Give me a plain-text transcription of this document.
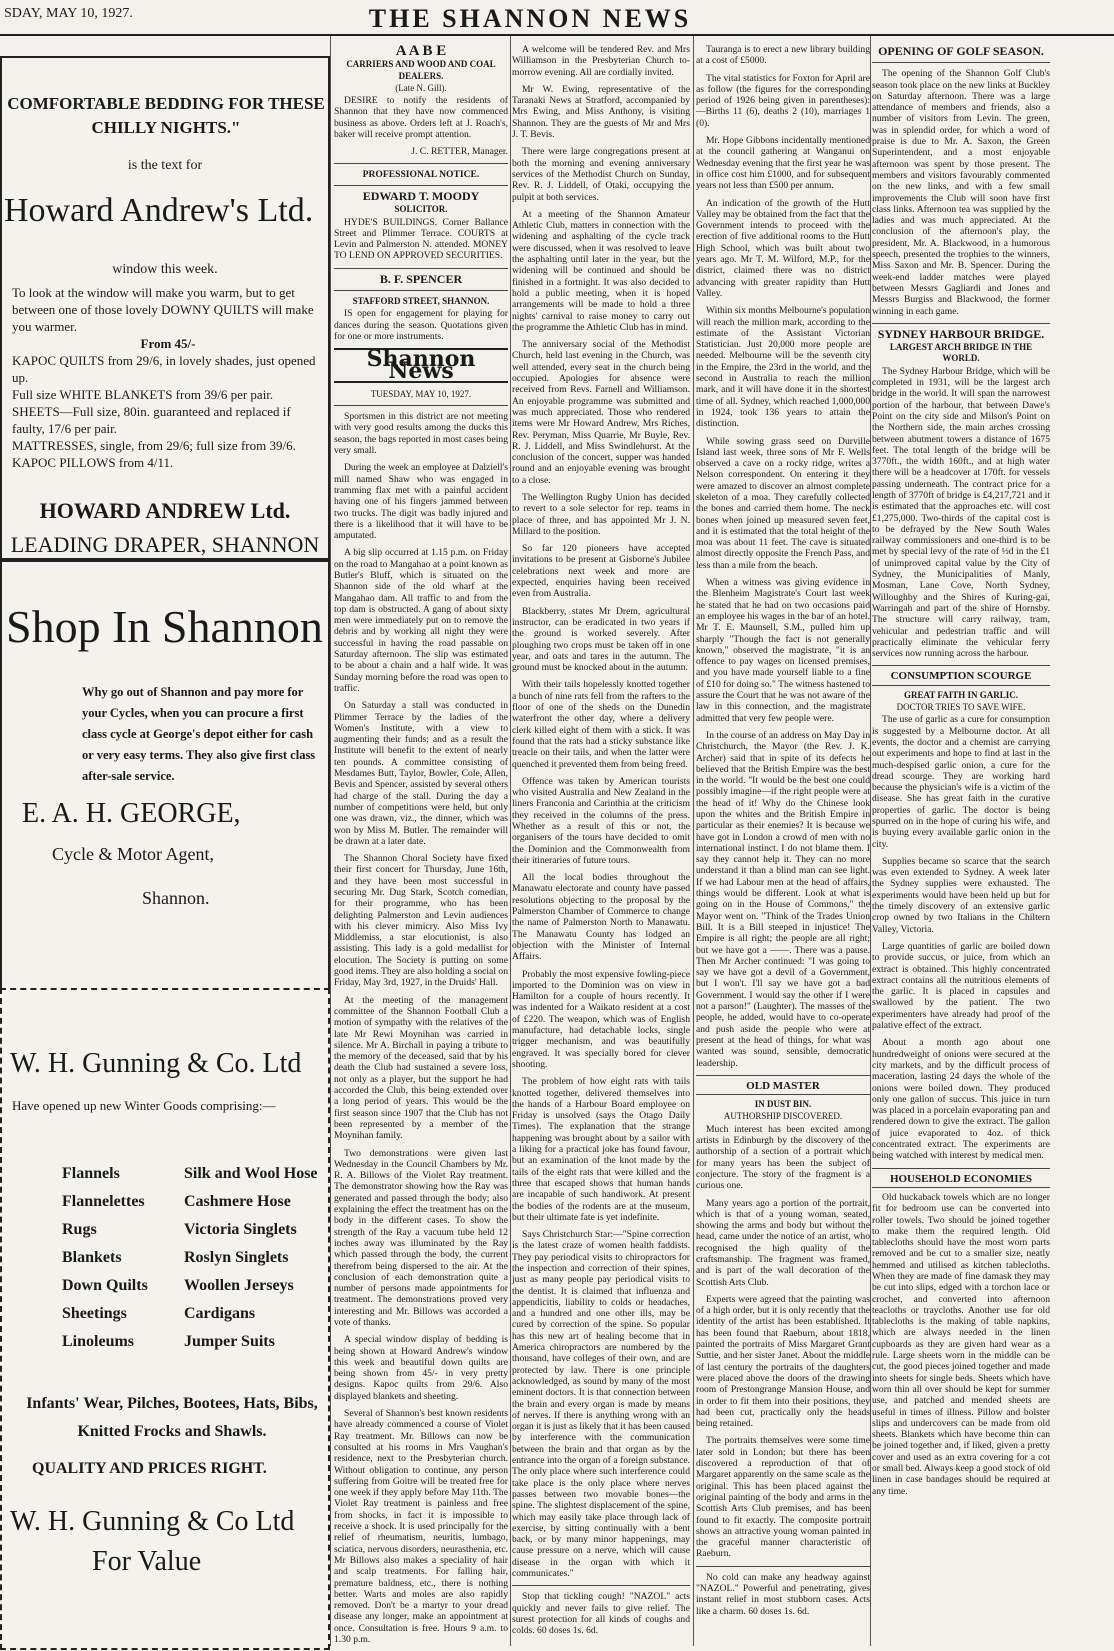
SDAY, MAY 10, 1927.	THE SHANNON NEWS
COMFORTABLE BEDDING FOR THESE CHILLY NIGHTS."
is the text for
Howard Andrew's Ltd.
window this week.
To look at the window will make you warm, but to get between one of those lovely DOWNY QUILTS will make you warmer.
From 45/-
KAPOC QUILTS from 29/6, in lovely shades, just opened up.
Full size WHITE BLANKETS from 39/6 per pair.
SHEETS—Full size, 80in. guaranteed and replaced if faulty, 17/6 per pair.
MATTRESSES, single, from 29/6; full size from 39/6.
KAPOC PILLOWS from 4/11.
HOWARD ANDREW Ltd.
LEADING DRAPER, SHANNON
Shop In Shannon
Why go out of Shannon and pay more for your Cycles, when you can procure a first class cycle at George's depot either for cash or very easy terms. They also give first class after-sale service.
E. A. H. GEORGE,
Cycle & Motor Agent,
Shannon.
W. H. Gunning & Co. Ltd
Have opened up new Winter Goods comprising:—
Flannels	Silk and Wool Hose
Flannelettes	Cashmere Hose
Rugs	Victoria Singlets
Blankets	Roslyn Singlets
Down Quilts	Woollen Jerseys
Sheetings	Cardigans
Linoleums	Jumper Suits
Infants' Wear, Pilches, Bootees, Hats, Bibs, Knitted Frocks and Shawls.
QUALITY AND PRICES RIGHT.
W. H. Gunning & Co Ltd
For Value
A A B E
CARRIERS AND WOOD AND COAL DEALERS.
(Late N. Gill).

DESIRE to notify the residents of Shannon that they have now commenced business as above. Orders left at J. Roach's, baker will receive prompt attention.

J. C. RETTER, Manager.
PROFESSIONAL NOTICE.
EDWARD T. MOODY
SOLICITOR.

HYDE'S BUILDINGS. Corner Ballance Street and Plimmer Terrace. COURTS at Levin and Palmerston N. attended. MONEY TO LEND ON APPROVED SECURITIES.

B. F. SPENCER
STAFFORD STREET, SHANNON.

IS open for engagement for playing for dances during the season. Quotations given for one or more instruments.

Shannon News
TUESDAY, MAY 10, 1927.

Sportsmen in this district are not meeting with very good results among the ducks this season, the bags reported in most cases being very small.

During the week an employee at Dalziell's mill named Shaw who was engaged in tramming flax met with a painful accident having one of his fingers jammed between two trucks. The digit was badly injured and there is a likelihood that it will have to be amputated.

A big slip occurred at 1.15 p.m. on Friday on the road to Mangahao at a point known as Butler's Bluff, which is situated on the Shannon side of the old wharf at the Mangahao dam. All traffic to and from the top dam is obstructed. A gang of about sixty men were immediately put on to remove the debris and by working all night they were successful in having the road passable on Saturday afternoon. The slip was estimated to be about a chain and a half wide. It was Sunday morning before the road was open to traffic.

On Saturday a stall was conducted in Plimmer Terrace by the ladies of the Women's Institute, with a view to augmenting their funds; and as a result the Institute will benefit to the extent of nearly ten pounds. A committee consisting of Mesdames Butt, Taylor, Bowler, Cole, Allen, Bevis and Spencer, assisted by several others had charge of the stall. During the day a number of competitions were held, but only one was drawn, viz., the dinner, which was won by Miss M. Butler. The remainder will be drawn at a later date.

The Shannon Choral Society have fixed their first concert for Thursday, June 16th, and they have been most successful in securing Mr. Dug Stark, Scotch comedian, for their programme, who has been delighting Palmerston and Levin audiences with his clever mimicry. Also Miss Ivy Middlemiss, a star elocutionist, is also assisting. This lady is a gold medallist for elocution. The Society is putting on some good items. They are also holding a social on Friday, May 3rd, 1927, in the Druids' Hall.

At the meeting of the management committee of the Shannon Football Club a motion of sympathy with the relatives of the late Mr Rewi Moynihan was carried in silence. Mr A. Birchall in paying a tribute to the memory of the deceased, said that by his death the Club had sustained a severe loss, not only as a player, but the support he had accorded the Club, this being extended over a long period of years. This would be the first season since 1907 that the Club has not been represented by a member of the Moynihan family.

Two demonstrations were given last Wednesday in the Council Chambers by Mr. R. A. Billows of the Violet Ray treatment. The demonstrator showing how the Ray was generated and passed through the body; also explaining the effect the treatment has on the body in the different cases. To show the strength of the Ray a vacuum tube held 12 inches away was illuminated by the Ray which passed through the body, the current therefrom being dispersed to the air. At the conclusion of each demonstration quite a number of persons made appointments for treatment. The demonstrations proved very interesting and Mr. Billows was accorded a vote of thanks.

A special window display of bedding is being shown at Howard Andrew's window this week and beautiful down quilts are being shown from 45/- in very pretty designs. Kapoc quilts from 29/6. Also displayed blankets and sheeting.

Several of Shannon's best known residents have already commenced a course of Violet Ray treatment. Mr. Billows can now be consulted at his rooms in Mrs Vaughan's residence, next to the Presbyterian church. Without obligation to continue, any person suffering from Goitre will be treated free for one week if they apply before May 11th. The Violet Ray treatment is painless and free from shocks, in fact it is impossible to receive a shock. It is used principally for the relief of rheumatism, neuritis, lumbago, sciatica, nervous disorders, neurasthenia, etc. Mr Billows also makes a speciality of hair and scalp treatments. For falling hair, premature baldness, etc., there is nothing better. Warts and moles are also rapidly removed. Don't be a martyr to your dread disease any longer, make an appointment at once. Consultation is free. Hours 9 a.m. to 1.30 p.m.

A welcome will be tendered Rev. and Mrs Williamson in the Presbyterian Church to-morrow evening. All are cordially invited.

Mr W. Ewing, representative of the Taranaki News at Stratford, accompanied by Mrs Ewing, and Miss Anthony, is visiting Shannon. They are the guests of Mr and Mrs J. T. Bevis.

There were large congregations present at both the morning and evening anniversary services of the Methodist Church on Sunday, Rev. R. J. Liddell, of Otaki, occupying the pulpit at both services.

At a meeting of the Shannon Amateur Athletic Club, matters in connection with the widening and asphalting of the cycle track were discussed, when it was resolved to leave the asphalting until later in the year, but the widening will be continued and should be finished in a fortnight. It was also decided to hold a public meeting, when it is hoped arrangements will be made to hold a three nights' carnival to raise money to carry out the programme the Athletic Club has in mind.

The anniversary social of the Methodist Church, held last evening in the Church, was well attended, every seat in the church being occupied. Apologies for absence were received from Revs. Farnell and Williamson. An enjoyable programme was submitted and was much appreciated. Those who rendered items were Mr Howard Andrew, Mrs Riches, Rev. Peryman, Miss Quarrie, Mr Buyle, Rev. R. J. Liddell, and Miss Swindlehurst. At the conclusion of the concert, supper was handed round and an enjoyable evening was brought to a close.

The Wellington Rugby Union has decided to revert to a sole selector for rep. teams in place of three, and has appointed Mr J. N. Millard to the position.

So far 120 pioneers have accepted invitations to be present at Gisborne's Jubilee celebrations next week and more are expected, enquiries having been received even from Australia.

Blackberry, states Mr Drem, agricultural instructor, can be eradicated in two years if the ground is worked severely. After ploughing two crops must be taken off in one year, and oats and tares in the autumn. The ground must be knocked about in the autumn.

With their tails hopelessly knotted together a bunch of nine rats fell from the rafters to the floor of one of the sheds on the Dunedin waterfront the other day, where a delivery clerk killed eight of them with a stick. It was found that the rats had a sticky substance like treacle on their tails, and when the latter were quenched it prevented them from being freed.

Offence was taken by American tourists who visited Australia and New Zealand in the liners Franconia and Carinthia at the criticism they received in the columns of the press. Whether as a result of this or not, the organisers of the tours have decided to omit the Dominion and the Commonwealth from their itineraries of future tours.

All the local bodies throughout the Manawatu electorate and county have passed resolutions objecting to the proposal by the Palmerston Chamber of Commerce to change the name of Palmerston North to Manawatu. The Manawatu County has lodged an objection with the Minister of Internal Affairs.

Probably the most expensive fowling-piece imported to the Dominion was on view in Hamilton for a couple of hours recently. It was indented for a Waikato resident at a cost of £220. The weapon, which was of English manufacture, had detachable locks, single trigger mechanism, and was beautifully engraved. It was specially bored for clever shooting.

The problem of how eight rats with tails knotted together, delivered themselves into the hands of a Harbour Board employee on Friday is unsolved (says the Otago Daily Times). The explanation that the strange happening was brought about by a sailor with a liking for a practical joke has found favour, but an examination of the knot made by the tails of the eight rats that were killed and the three that escaped shows that human hands are incapable of such handiwork. At present the bodies of the rodents are at the museum, but their ultimate fate is yet indefinite.

Says Christchurch Star:—"Spine correction is the latest craze of women health faddists. They pay periodical visits to chiropractors for the inspection and correction of their spines, just as many people pay periodical visits to the dentist. It is claimed that influenza and appendicitis, liability to colds or headaches, and a hundred and one other ills, may be cured by correction of the spine. So popular has this new art of healing become that in America chiropractors are numbered by the thousand, have colleges of their own, and are protected by law. There is one principle acknowledged, as sound by many of the most eminent doctors. It is that connection between the brain and every organ is made by means of nerves. If there is anything wrong with an organ it is just as likely that it has been caused by interference with the communication between the brain and that organ as by the entrance into the organ of a foreign substance. The only place where such interference could take place is the only place where nerves passes between two movable bones—the spine. The slightest displacement of the spine, which may easily take place through lack of exercise, by sitting continually with a bent back, or by many minor happenings, may cause pressure on a nerve, which will cause disease in the organ with which it communicates."

Stop that tickling cough! "NAZOL" acts quickly and never fails to give relief. The surest protection for all kinds of coughs and colds. 60 doses 1s. 6d.

Tauranga is to erect a new library building at a cost of £5000.

The vital statistics for Foxton for April are as follow (the figures for the corresponding period of 1926 being given in parentheses):—Births 11 (6), deaths 2 (10), marriages 1 (0).

Mr. Hope Gibbons incidentally mentioned at the council gathering at Wanganui on Wednesday evening that the first year he was in office cost him £1000, and for subsequent years not less than £500 per annum.

An indication of the growth of the Hutt Valley may be obtained from the fact that the Government intends to proceed with the erection of five additional rooms to the Hutt High School, which was built about two years ago. Mr T. M. Wilford, M.P., for the district, claimed there was no district advancing with greater rapidity than Hutt Valley.

Within six months Melbourne's population will reach the million mark, according to the estimate of the Assistant Victorian Statistician. Just 20,000 more people are needed. Melbourne will be the seventh city in the Empire, the 23rd in the world, and the second in Australia to reach the million mark, and it will have done it in the shortest time of all. Sydney, which reached 1,000,000 in 1924, took 136 years to attain the distinction.

While sowing grass seed on Durville Island last week, three sons of Mr F. Wells observed a cave on a rocky ridge, writes a Nelson correspondent. On entering it they were amazed to discover an almost complete skeleton of a moa. They carefully collected the bones and carried them home. The neck bones when joined up measured seven feet, and it is estimated that the total height of the moa was about 11 feet. The cave is situated almost directly opposite the French Pass, and less than a mile from the beach.

When a witness was giving evidence in the Blenheim Magistrate's Court last week he stated that he had on two occasions paid an employee his wages in the bar of an hotel. Mr T. E. Maunsell, S.M., pulled him up sharply "Though the fact is not generally known," observed the magistrate, "it is an offence to pay wages on licensed premises, and you have made yourself liable to a fine of £10 for doing so." The witness hastened to assure the Court that he was not aware of the law in this connection, and the magistrate admitted that very few people were.

In the course of an address on May Day in Christchurch, the Mayor (the Rev. J. K. Archer) said that in spite of its defects he believed that the British Empire was the best in the world. "It would be the best one could possibly imagine—if the right people were at the head of it! Why do the Chinese look upon the whites and the British Empire in particular as their enemies? It is because we have got in London a crowd of men with no international instinct. I do not blame them. I say they cannot help it. They can no more understand it than a blind man can see light. If we had Labour men at the head of affairs, things would be different. Look at what is going on in the House of Commons," the Mayor went on. "Think of the Trades Union Bill. It is a Bill steeped in injustice! The Empire is all right; the people are all right; but we have got a ——. There was a pause. Then Mr Archer continued: "I was going to say we have got a devil of a Government, but I won't. I'll say we have got a bad Government. I would say the other if I were not a parson!" (Laughter). The masses of the people, he added, would have to co-operate and push aside the people who were at present at the head of things, for what was wanted was sound, sensible, democratic leadership.

OLD MASTER
IN DUST BIN.
AUTHORSHIP DISCOVERED.

Much interest has been excited among artists in Edinburgh by the discovery of the authorship of a section of a portrait which for many years has been the subject of conjecture. The story of the fragment is a curious one.

Many years ago a portion of the portrait, which is that of a young woman, seated, showing the arms and body but without the head, came under the notice of an artist, who recognised the high quality of the craftsmanship. The fragment was framed, and is part of the wall decoration of the Scottish Arts Club.

Experts were agreed that the painting was of a high order, but it is only recently that the identity of the artist has been established. It has been found that Raeburn, about 1818, painted the portraits of Miss Margaret Grant Suttie, and her sister Janet. About the middle of last century the portraits of the daughters were placed above the doors of the drawing room of Prestongrange Mansion House, and in order to fit them into their positions, they had been cut, practically only the heads being retained.

The portraits themselves were some time later sold in London; but there has been discovered a reproduction of that of Margaret apparently on the same scale as the original. This has been placed against the original painting of the body and arms in the Scottish Arts Club premises, and has been found to fit exactly. The composite portrait shows an attractive young woman painted in the graceful manner characteristic of Raeburn.

No cold can make any headway against "NAZOL." Powerful and penetrating, gives instant relief in most stubborn cases. Acts like a charm. 60 doses 1s. 6d.

OPENING OF GOLF SEASON.

The opening of the Shannon Golf Club's season took place on the new links at Buckley on Saturday afternoon. There was a large attendance of members and friends, also a number of visitors from Levin. The green, was in splendid order, for which a word of praise is due to Mr. A. Saxon, the Green Superintendent, and a most enjoyable afternoon was spent by those present. The members and visitors favourably commented on the new links, and with a few small improvements the Club will soon have first class links. Afternoon tea was supplied by the ladies and was much appreciated. At the conclusion of the afternoon's play, the president, Mr. A. Blackwood, in a humorous speech, presented the trophies to the winners, Miss Saxon and Mr. B. Spencer. During the week-end ladder matches were played between Messrs Gagliardi and Jones and Messrs Burgiss and Blackwood, the former winning in each game.

SYDNEY HARBOUR BRIDGE.
LARGEST ARCH BRIDGE IN THE WORLD.

The Sydney Harbour Bridge, which will be completed in 1931, will be the largest arch bridge in the world. It will span the narrowest portion of the harbour, that between Dawe's Point on the city side and Milson's Point on the Northern side, the main arches crossing between abutment towers a distance of 1675 feet. The total length of the bridge will be 3770ft., the width 160ft., and at high water there will be a headcover at 170ft. for vessels passing underneath. The contract price for a length of 3770ft of bridge is £4,217,721 and it is estimated that the approaches etc. will cost £1,275,000. Two-thirds of the capital cost is to be defrayed by the New South Wales railway commissioners and one-third is to be met by special levy of the rate of ½d in the £1 of unimproved capital value by the City of Sydney, the Municipalities of Manly, Mosman, Lane Cove, North Sydney, Willoughby and the Shires of Kuring-gai, Warringah and part of the shire of Hornsby. The structure will carry railway, tram, vehicular and pedestrian traffic and will practically eliminate the vehicular ferry services now running across the harbour.

CONSUMPTION SCOURGE
GREAT FAITH IN GARLIC.
DOCTOR TRIES TO SAVE WIFE.

The use of garlic as a cure for consumption is suggested by a Melbourne doctor. At all events, the doctor and a chemist are carrying out experiments and hope to find at last in the much-despised garlic onion, a cure for the dread scourge. They are working hard because the physician's wife is a victim of the disease. She has great faith in the curative properties of garlic. The doctor is being spurred on in the hope of curing his wife, and is buying every available garlic onion in the city.

Supplies became so scarce that the search was even extended to Sydney. A week later the Sydney supplies were exhausted. The experiments would have been held up but for the timely discovery of an extensive garlic crop owned by two Italians in the Chiltern Valley, Victoria.

Large quantities of garlic are boiled down to provide succus, or juice, from which an extract is obtained. This highly concentrated extract contains all the nutritious elements of the garlic. It is placed in capsules and swallowed by the patient. The two experimenters have already had proof of the palative effect of the extract.

About a month ago about one hundredweight of onions were secured at the city markets, and by the difficult process of maceration, lasting 24 days the whole of the onions were boiled down. They produced only one gallon of succus. This juice in turn was placed in a porcelain evaporating pan and rendered down to give the extract. The gallon of juice evaporated to 4oz. of thick concentrated extract. The experiments are being watched with interest by medical men.

HOUSEHOLD ECONOMIES

Old huckaback towels which are no longer fit for bedroom use can be converted into roller towels. Two should be joined together to make them the required length. Old tablecloths should have the most worn parts removed and be cut to a smaller size, neatly hemmed and utilised as kitchen tablecloths. When they are made of fine damask they may be cut into slips, edged with a torchon lace or crochet, and converted into afternoon teacloths or traycloths. Another use for old tablecloths is the making of table napkins, which are always needed in the linen cupboards as they are given hard wear as a rule. Large sheets worn in the middle can be cut, the good pieces joined together and made into sheets for single beds. Sheets which have worn thin all over should be kept for summer use, and patched and mended sheets are useful in times of illness. Pillow and bolster slips and undercovers can be made from old sheets. Blankets which have become thin can be joined together and, if liked, given a pretty cover and used as an extra covering for a cot or small bed. Always keep a good stock of old linen in case bandages should be required at any time.
